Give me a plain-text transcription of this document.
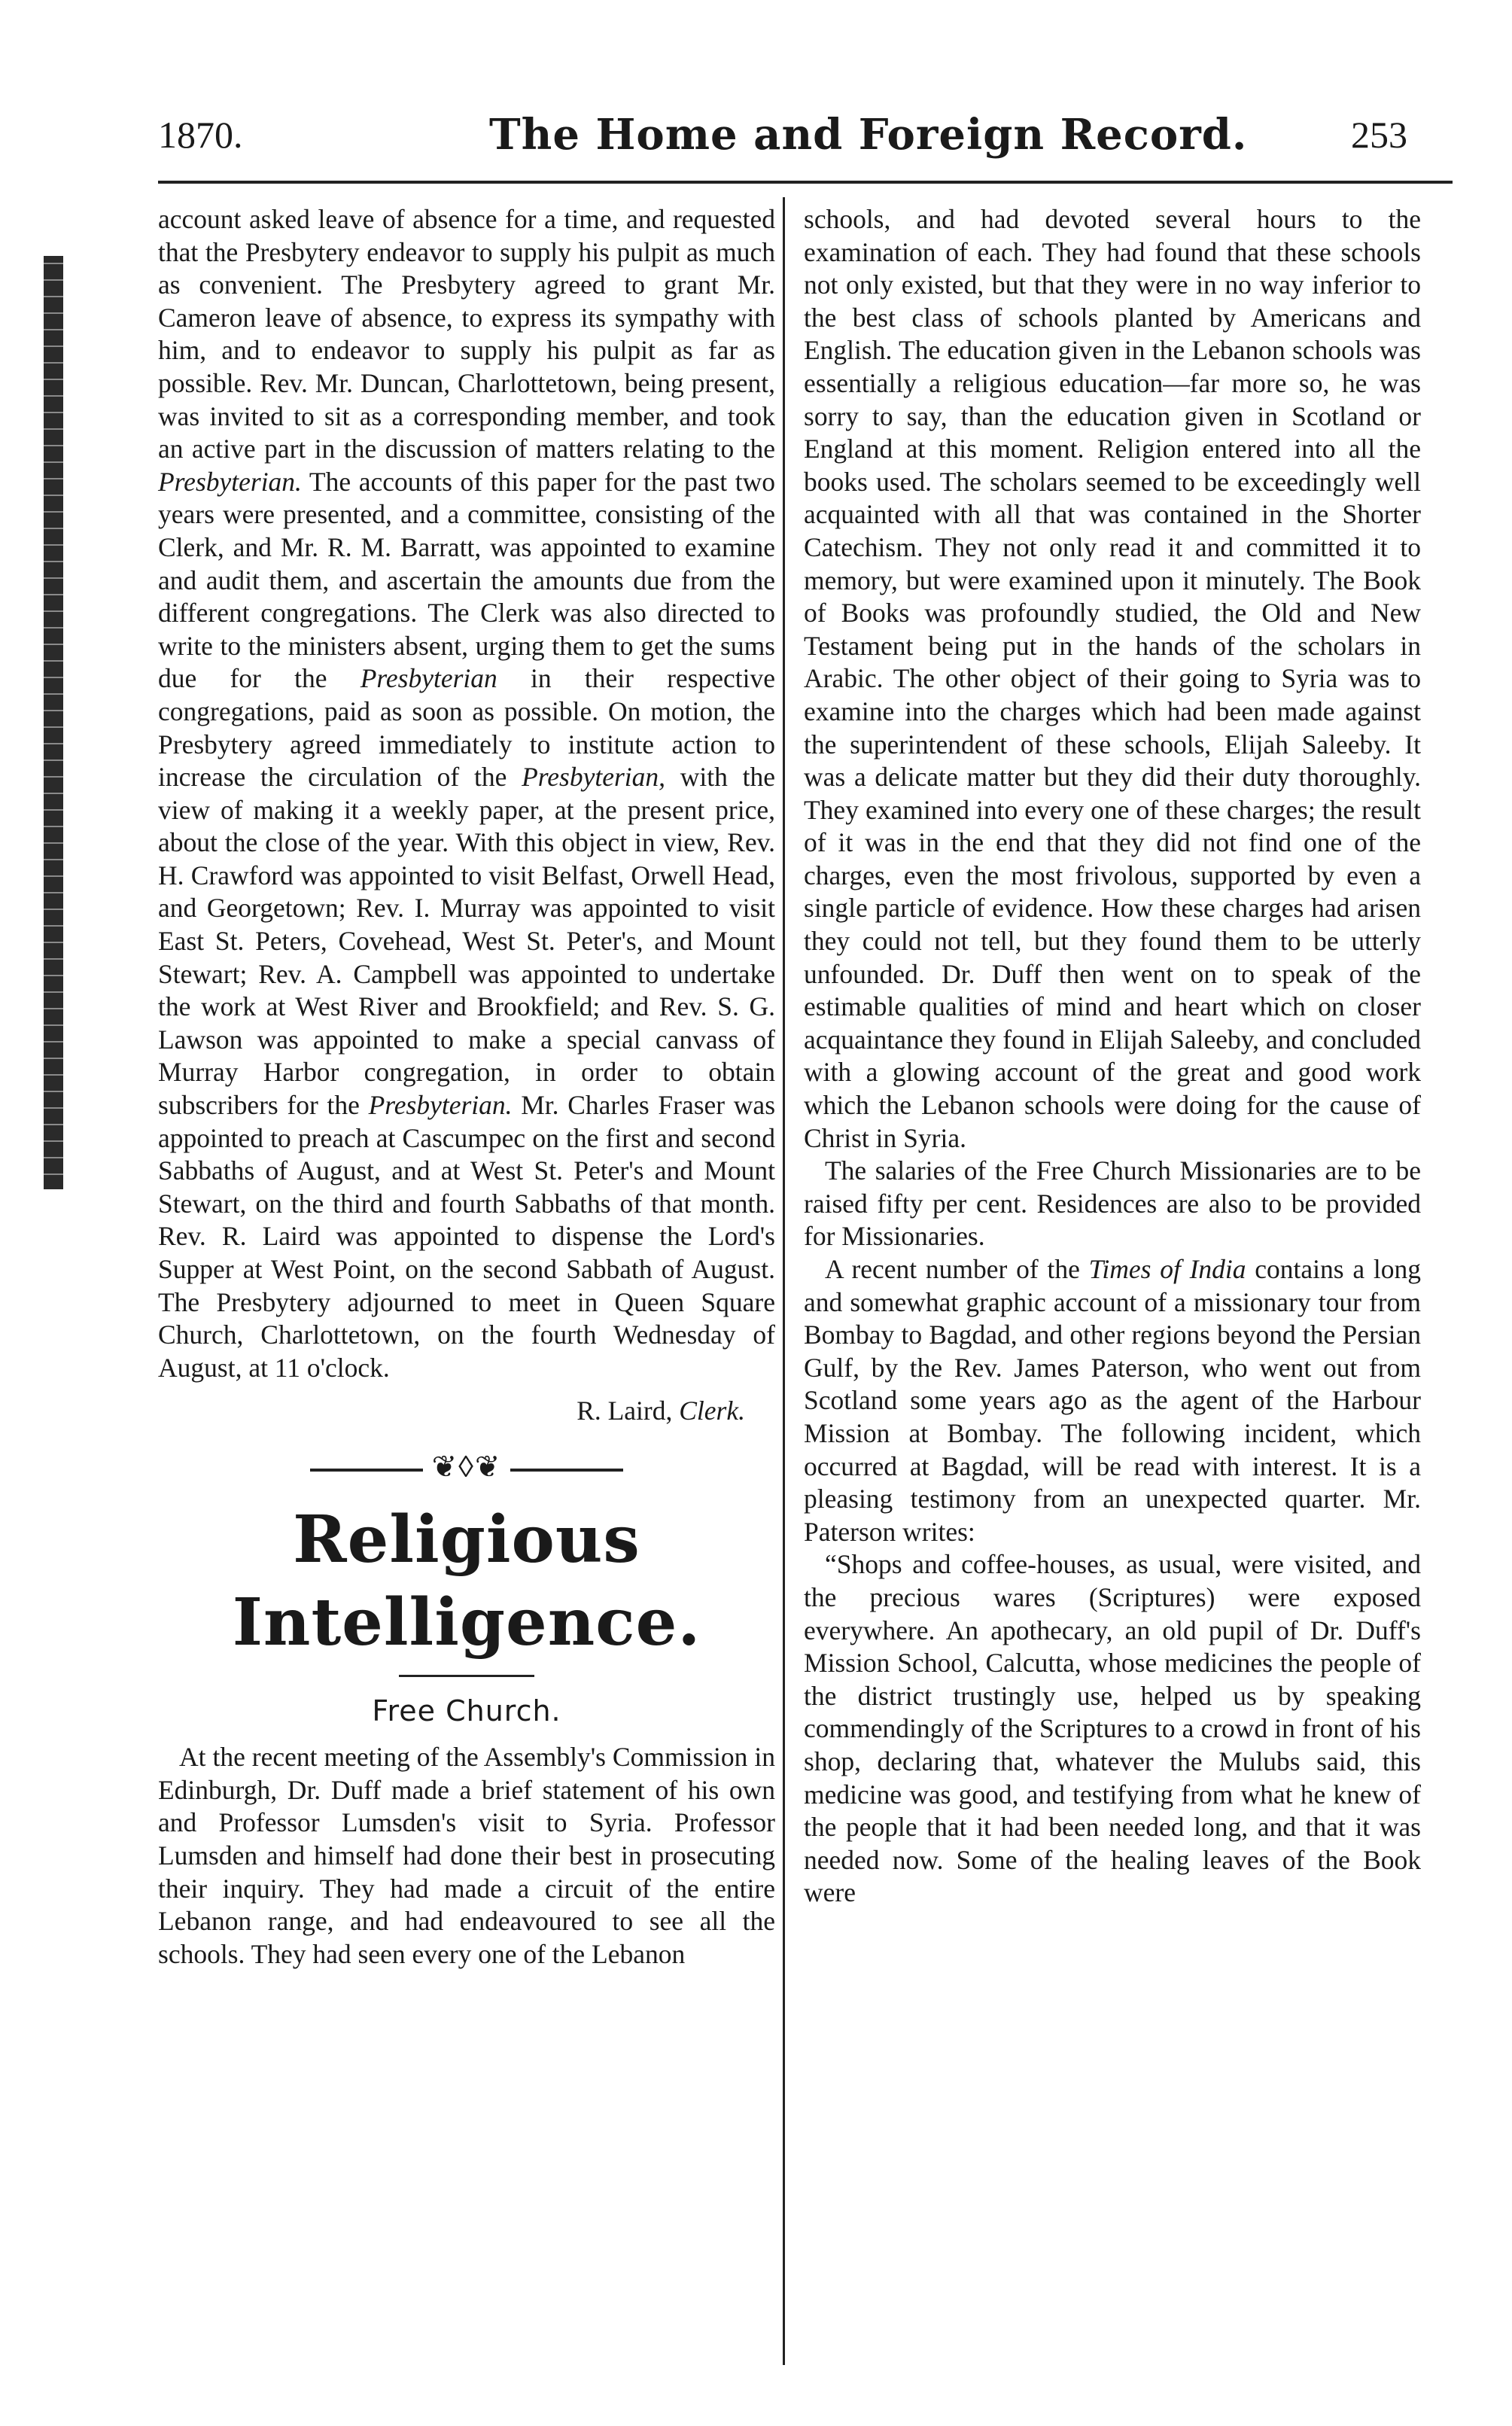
1870.	The Home and Foreign Record.	253

account asked leave of absence for a time, and requested that the Presbytery endeavor to supply his pulpit as much as convenient. The Presbytery agreed to grant Mr. Cameron leave of absence, to express its sympathy with him, and to endeavor to supply his pulpit as far as possible. Rev. Mr. Duncan, Charlottetown, being present, was invited to sit as a corresponding member, and took an active part in the discussion of matters relating to the Presbyterian. The accounts of this paper for the past two years were presented, and a committee, consisting of the Clerk, and Mr. R. M. Barratt, was appointed to examine and audit them, and ascertain the amounts due from the different congregations. The Clerk was also directed to write to the ministers absent, urging them to get the sums due for the Presbyterian in their respective congregations, paid as soon as possible. On motion, the Presbytery agreed immediately to institute action to increase the circulation of the Presbyterian, with the view of making it a weekly paper, at the present price, about the close of the year. With this object in view, Rev. H. Crawford was appointed to visit Belfast, Orwell Head, and Georgetown; Rev. I. Murray was appointed to visit East St. Peters, Covehead, West St. Peter's, and Mount Stewart; Rev. A. Campbell was appointed to undertake the work at West River and Brookfield; and Rev. S. G. Lawson was appointed to make a special canvass of Murray Harbor congregation, in order to obtain subscribers for the Presbyterian. Mr. Charles Fraser was appointed to preach at Cascumpec on the first and second Sabbaths of August, and at West St. Peter's and Mount Stewart, on the third and fourth Sabbaths of that month. Rev. R. Laird was appointed to dispense the Lord's Supper at West Point, on the second Sabbath of August. The Presbytery adjourned to meet in Queen Square Church, Charlottetown, on the fourth Wednesday of August, at 11 o'clock.

R. Laird, Clerk.
❦◊❦
Religious Intelligence.
Free Church.

At the recent meeting of the Assembly's Commission in Edinburgh, Dr. Duff made a brief statement of his own and Professor Lumsden's visit to Syria. Professor Lumsden and himself had done their best in prosecuting their inquiry. They had made a circuit of the entire Lebanon range, and had endeavoured to see all the schools. They had seen every one of the Lebanon

schools, and had devoted several hours to the examination of each. They had found that these schools not only existed, but that they were in no way inferior to the best class of schools planted by Americans and English. The education given in the Lebanon schools was essentially a religious education—far more so, he was sorry to say, than the education given in Scotland or England at this moment. Religion entered into all the books used. The scholars seemed to be exceedingly well acquainted with all that was contained in the Shorter Catechism. They not only read it and committed it to memory, but were examined upon it minutely. The Book of Books was profoundly studied, the Old and New Testament being put in the hands of the scholars in Arabic. The other object of their going to Syria was to examine into the charges which had been made against the superintendent of these schools, Elijah Saleeby. It was a delicate matter but they did their duty thoroughly. They examined into every one of these charges; the result of it was in the end that they did not find one of the charges, even the most frivolous, supported by even a single particle of evidence. How these charges had arisen they could not tell, but they found them to be utterly unfounded. Dr. Duff then went on to speak of the estimable qualities of mind and heart which on closer acquaintance they found in Elijah Saleeby, and concluded with a glowing account of the great and good work which the Lebanon schools were doing for the cause of Christ in Syria.

The salaries of the Free Church Missionaries are to be raised fifty per cent. Residences are also to be provided for Missionaries.

A recent number of the Times of India contains a long and somewhat graphic account of a missionary tour from Bombay to Bagdad, and other regions beyond the Persian Gulf, by the Rev. James Paterson, who went out from Scotland some years ago as the agent of the Harbour Mission at Bombay. The following incident, which occurred at Bagdad, will be read with interest. It is a pleasing testimony from an unexpected quarter. Mr. Paterson writes:

“Shops and coffee-houses, as usual, were visited, and the precious wares (Scriptures) were exposed everywhere. An apothecary, an old pupil of Dr. Duff's Mission School, Calcutta, whose medicines the people of the district trustingly use, helped us by speaking commendingly of the Scriptures to a crowd in front of his shop, declaring that, whatever the Mulubs said, this medicine was good, and testifying from what he knew of the people that it had been needed long, and that it was needed now. Some of the healing leaves of the Book were
